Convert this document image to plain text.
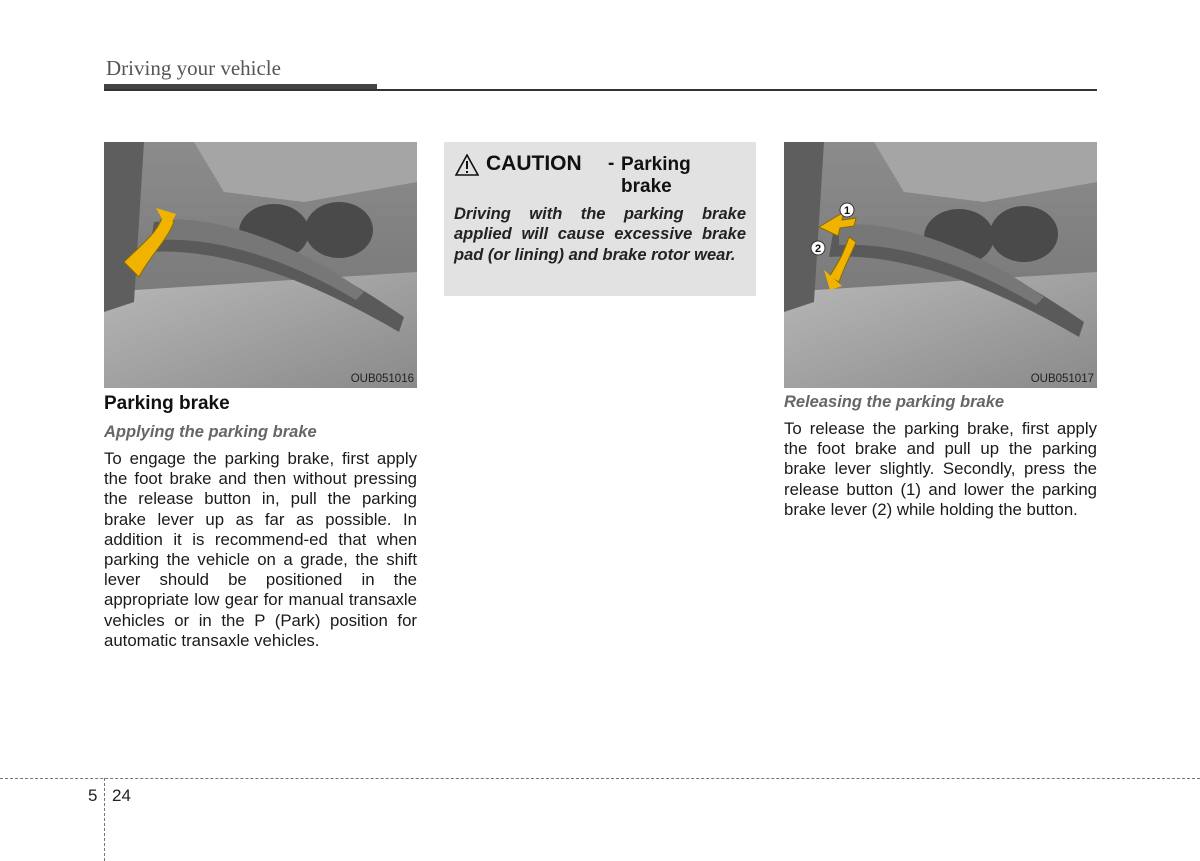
Driving your vehicle
OUB051016
Parking brake
Applying the parking brake

To engage the parking brake, first apply the foot brake and then without pressing the release button in, pull the parking brake lever up as far as possible. In addition it is recommend-ed that when parking the vehicle on a grade, the shift lever should be positioned in the appropriate low gear for manual transaxle vehicles or in the P (Park) position for automatic transaxle vehicles.

CAUTION - Parking
brake

Driving with the parking brake applied will cause excessive brake pad (or lining) and brake rotor wear.

1
2
OUB051017
Releasing the parking brake

To release the parking brake, first apply the foot brake and pull up the parking brake lever slightly. Secondly, press the release button (1) and lower the parking brake lever (2) while holding the button.

5 24
